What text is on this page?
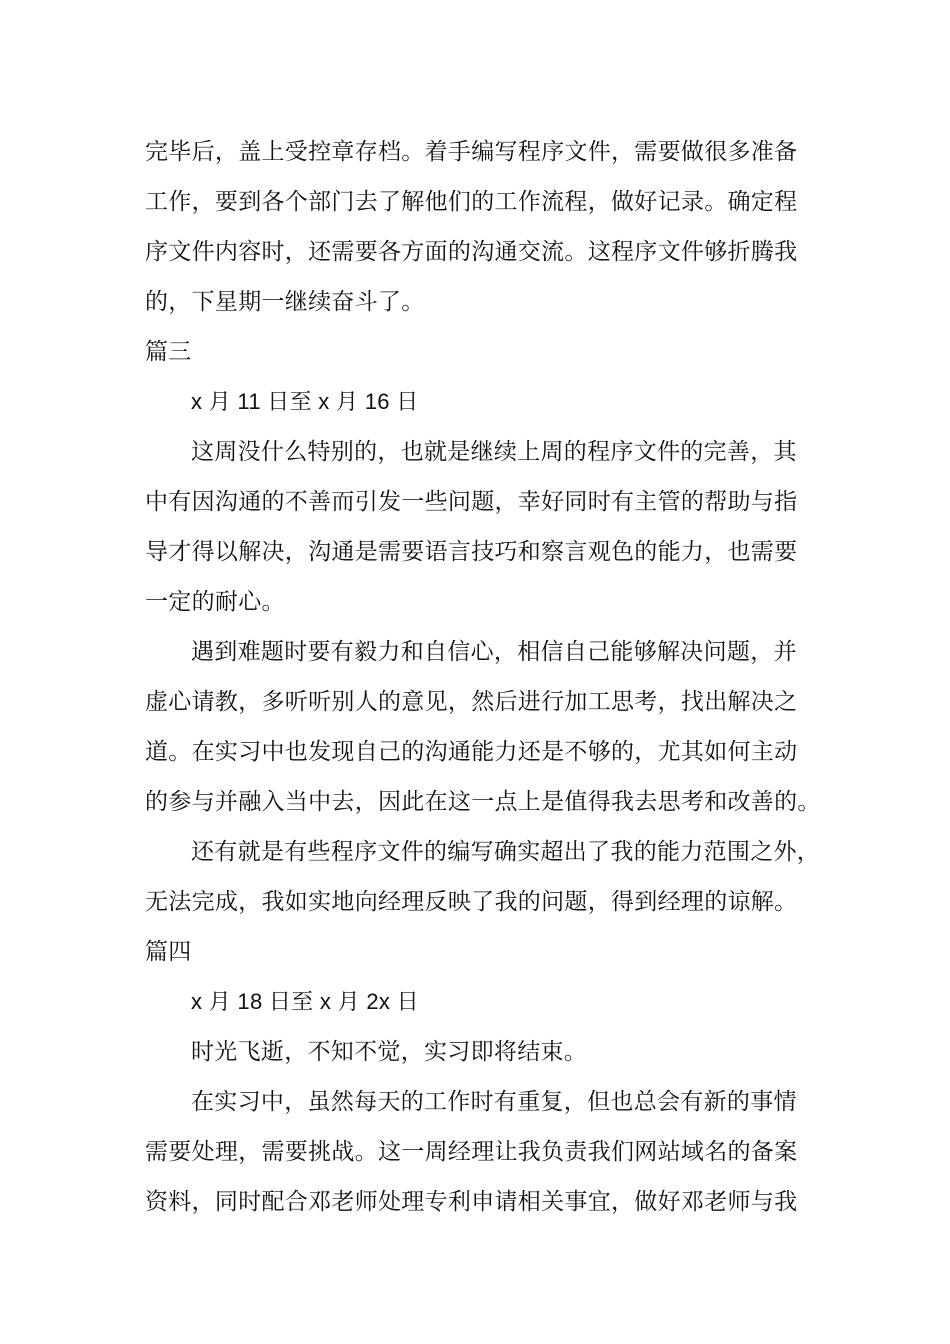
完毕后，盖上受控章存档。着手编写程序文件，需要做很多准备
工作，要到各个部门去了解他们的工作流程，做好记录。确定程
序文件内容时，还需要各方面的沟通交流。这程序文件够折腾我
的，下星期一继续奋斗了。
篇三
x 月 11 日至 x 月 16 日
这周没什么特别的，也就是继续上周的程序文件的完善，其
中有因沟通的不善而引发一些问题，幸好同时有主管的帮助与指
导才得以解决，沟通是需要语言技巧和察言观色的能力，也需要
一定的耐心。
遇到难题时要有毅力和自信心，相信自己能够解决问题，并
虚心请教，多听听别人的意见，然后进行加工思考，找出解决之
道。在实习中也发现自己的沟通能力还是不够的，尤其如何主动
的参与并融入当中去，因此在这一点上是值得我去思考和改善的。
还有就是有些程序文件的编写确实超出了我的能力范围之外，
无法完成，我如实地向经理反映了我的问题，得到经理的谅解。
篇四
x 月 18 日至 x 月 2x 日
时光飞逝，不知不觉，实习即将结束。
在实习中，虽然每天的工作时有重复，但也总会有新的事情
需要处理，需要挑战。这一周经理让我负责我们网站域名的备案
资料，同时配合邓老师处理专利申请相关事宜，做好邓老师与我
